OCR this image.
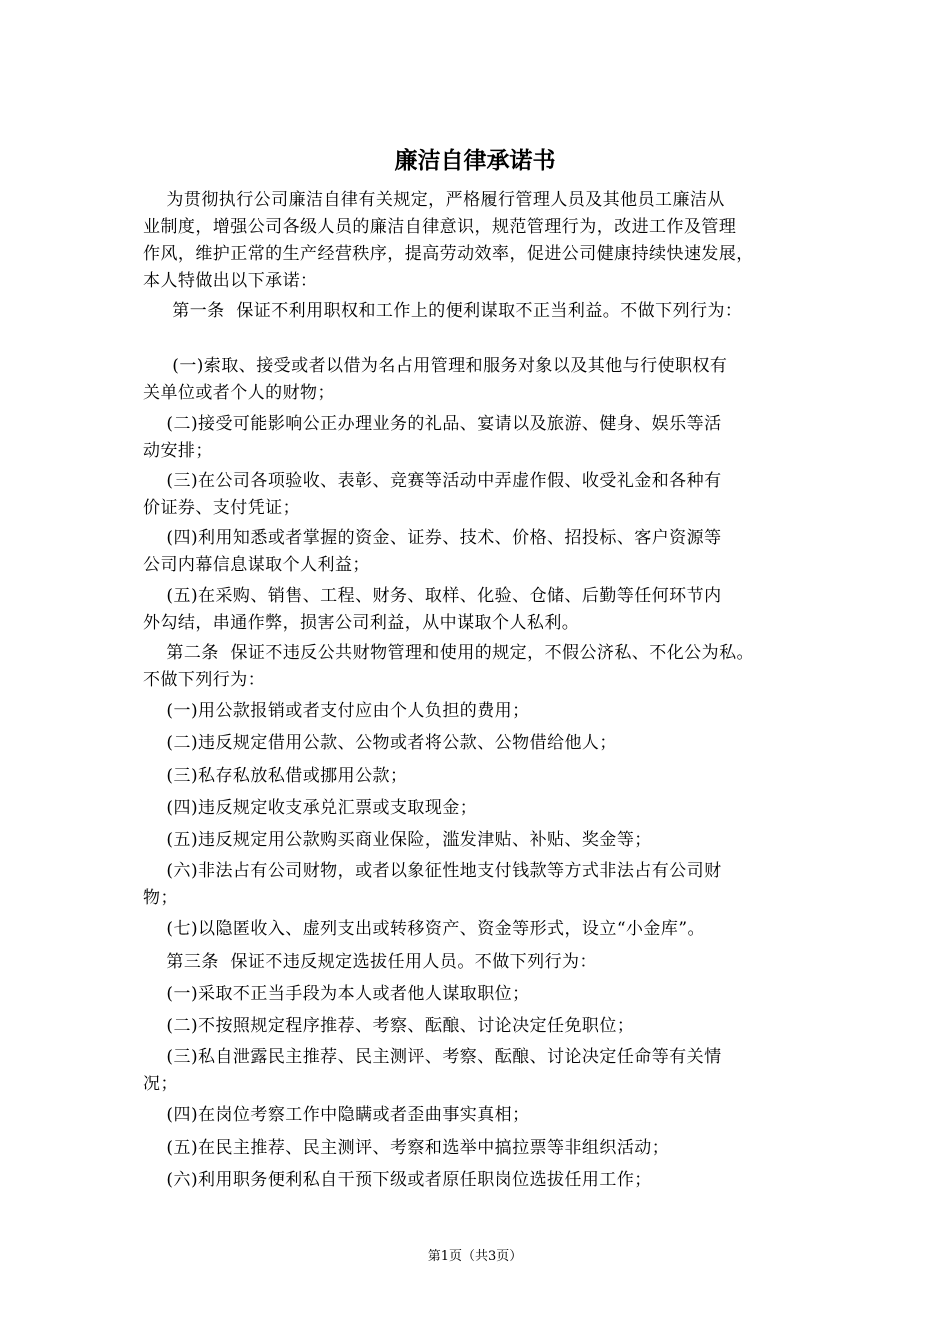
廉洁自律承诺书
为贯彻执行公司廉洁自律有关规定，严格履行管理人员及其他员工廉洁从
业制度，增强公司各级人员的廉洁自律意识，规范管理行为，改进工作及管理
作风，维护正常的生产经营秩序，提高劳动效率，促进公司健康持续快速发展，
本人特做出以下承诺：
第一条  保证不利用职权和工作上的便利谋取不正当利益。不做下列行为：
(一)索取、接受或者以借为名占用管理和服务对象以及其他与行使职权有
关单位或者个人的财物；
(二)接受可能影响公正办理业务的礼品、宴请以及旅游、健身、娱乐等活
动安排；
(三)在公司各项验收、表彰、竞赛等活动中弄虚作假、收受礼金和各种有
价证券、支付凭证；
(四)利用知悉或者掌握的资金、证券、技术、价格、招投标、客户资源等
公司内幕信息谋取个人利益；
(五)在采购、销售、工程、财务、取样、化验、仓储、后勤等任何环节内
外勾结，串通作弊，损害公司利益，从中谋取个人私利。
第二条  保证不违反公共财物管理和使用的规定，不假公济私、不化公为私。
不做下列行为：
(一)用公款报销或者支付应由个人负担的费用；
(二)违反规定借用公款、公物或者将公款、公物借给他人；
(三)私存私放私借或挪用公款；
(四)违反规定收支承兑汇票或支取现金；
(五)违反规定用公款购买商业保险，滥发津贴、补贴、奖金等；
(六)非法占有公司财物，或者以象征性地支付钱款等方式非法占有公司财
物；
(七)以隐匿收入、虚列支出或转移资产、资金等形式，设立“小金库”。
第三条  保证不违反规定选拔任用人员。不做下列行为：
(一)采取不正当手段为本人或者他人谋取职位；
(二)不按照规定程序推荐、考察、酝酿、讨论决定任免职位；
(三)私自泄露民主推荐、民主测评、考察、酝酿、讨论决定任命等有关情
况；
(四)在岗位考察工作中隐瞒或者歪曲事实真相；
(五)在民主推荐、民主测评、考察和选举中搞拉票等非组织活动；
(六)利用职务便利私自干预下级或者原任职岗位选拔任用工作；
第1页（共3页）
